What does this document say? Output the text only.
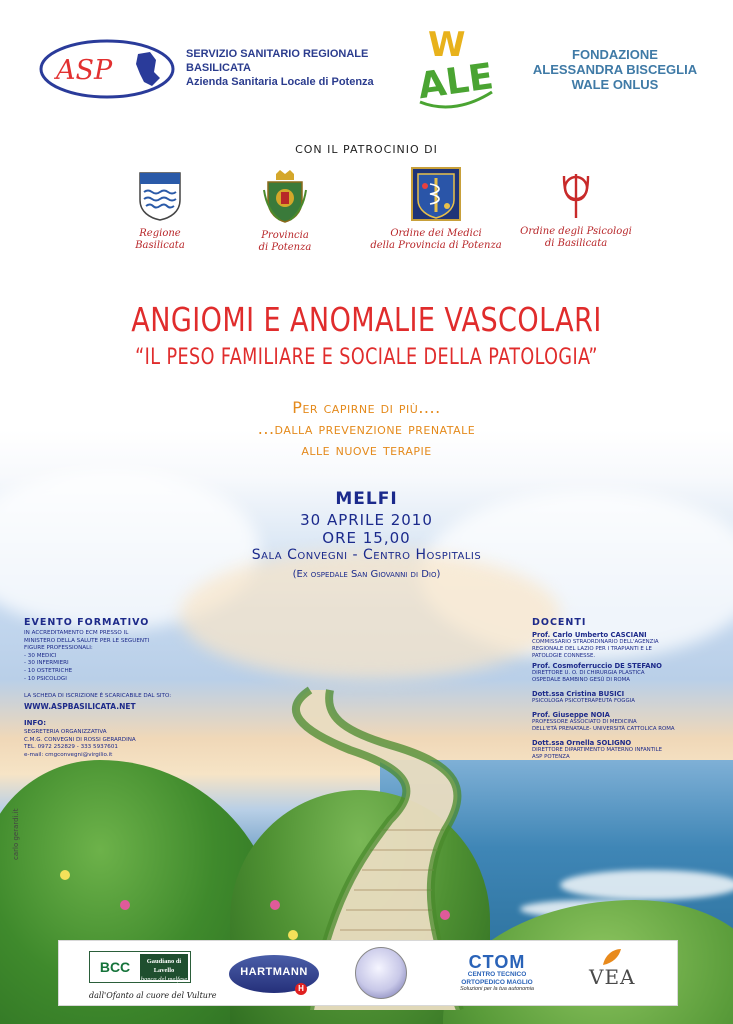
ASP
SERVIZIO SANITARIO REGIONALE
BASILICATA
Azienda Sanitaria Locale di Potenza
W
ALE
FONDAZIONE
ALESSANDRA BISCEGLIA
WALE ONLUS
CON IL PATROCINIO DI
Regione
Basilicata
Provincia
di Potenza
Ordine dei Medici
della Provincia di Potenza
Ordine degli Psicologi
di Basilicata
ANGIOMI E ANOMALIE VASCOLARI
“IL PESO FAMILIARE E SOCIALE DELLA PATOLOGIA”
Per capirne di più....
...dalla prevenzione prenatale
alle nuove terapie
MELFI
30 APRILE 2010
ORE 15,00
Sala Convegni - Centro Hospitalis
(Ex ospedale San Giovanni di Dio)
EVENTO FORMATIVO
IN ACCREDITAMENTO ECM PRESSO IL
MINISTERO DELLA SALUTE PER LE SEGUENTI
FIGURE PROFESSIONALI:
- 30 MEDICI
- 30 INFERMIERI
- 10 OSTETRICHE
- 10 PSICOLOGI
LA SCHEDA DI ISCRIZIONE È SCARICABILE DAL SITO:
WWW.ASPBASILICATA.NET
INFO:
SEGRETERIA ORGANIZZATIVA
C.M.G. CONVEGNI DI ROSSI GERARDINA
TEL. 0972 252829 - 333 5937601
e-mail: cmgconvegni@virgilio.it
DOCENTI
Prof. Carlo Umberto CASCIANI
COMMISSARIO STRAORDINARIO DELL'AGENZIA
REGIONALE DEL LAZIO PER I TRAPIANTI E LE
PATOLOGIE CONNESSE.
Prof. Cosmoferruccio DE STEFANO
DIRETTORE U. O. DI CHIRURGIA PLASTICA
OSPEDALE BAMBINO GESÙ DI ROMA
Dott.ssa Cristina BUSICI
PSICOLOGA PSICOTERAPEUTA FOGGIA
Prof. Giuseppe NOIA
PROFESSORE ASSOCIATO DI MEDICINA
DELL'ETÀ PRENATALE- UNIVERSITÀ CATTOLICA ROMA
Dott.ssa Ornella SOLIGNO
DIRETTORE DIPARTIMENTO MATERNO INFANTILE
ASP POTENZA
carlo gerardi.it
BCC	Gaudiano di Lavello
banca del melfese
dall'Ofanto al cuore del Vulture
HARTMANN
H
CTOM
CENTRO TECNICO
ORTOPEDICO MAGLIO
Soluzioni per la tua autonomia	VEA
